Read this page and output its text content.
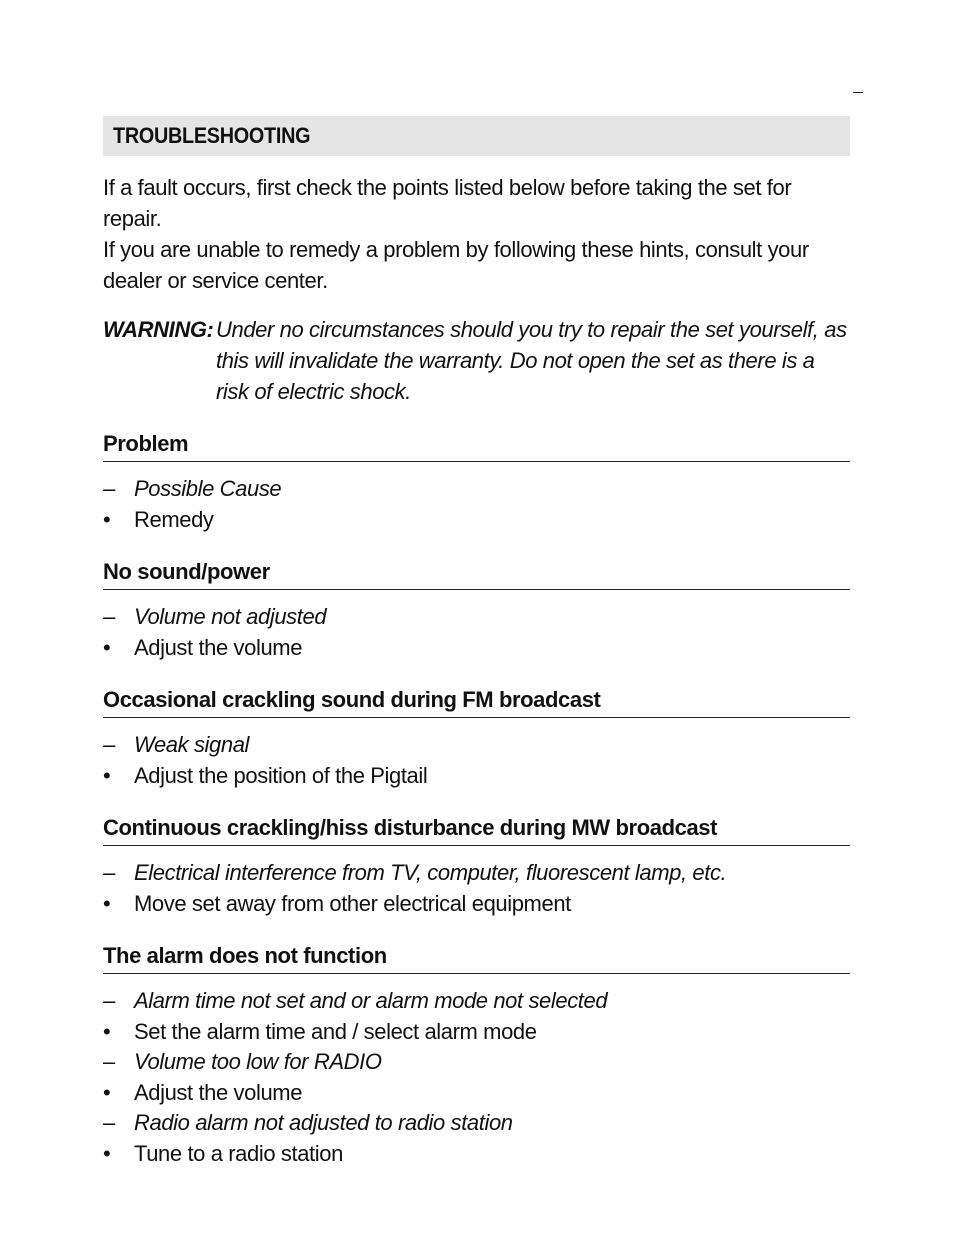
TROUBLESHOOTING

If a fault occurs, first check the points listed below before taking the set for repair.

If you are unable to remedy a problem by following these hints, consult your dealer or service center.

WARNING: Under no circumstances should you try to repair the set yourself, as this will invalidate the warranty. Do not open the set as there is a risk of electric shock.
Problem
– Possible Cause
•	Remedy
No sound/power
– Volume not adjusted
•	Adjust the volume
Occasional crackling sound during FM broadcast
– Weak signal
•	Adjust the position of the Pigtail
Continuous crackling/hiss disturbance during MW broadcast
– Electrical interference from TV, computer, fluorescent lamp, etc.
•	Move set away from other electrical equipment
The alarm does not function
– Alarm time not set and or alarm mode not selected
•	Set the alarm time and / select alarm mode
– Volume too low for RADIO
•	Adjust the volume
– Radio alarm not adjusted to radio station
•	Tune to a radio station
